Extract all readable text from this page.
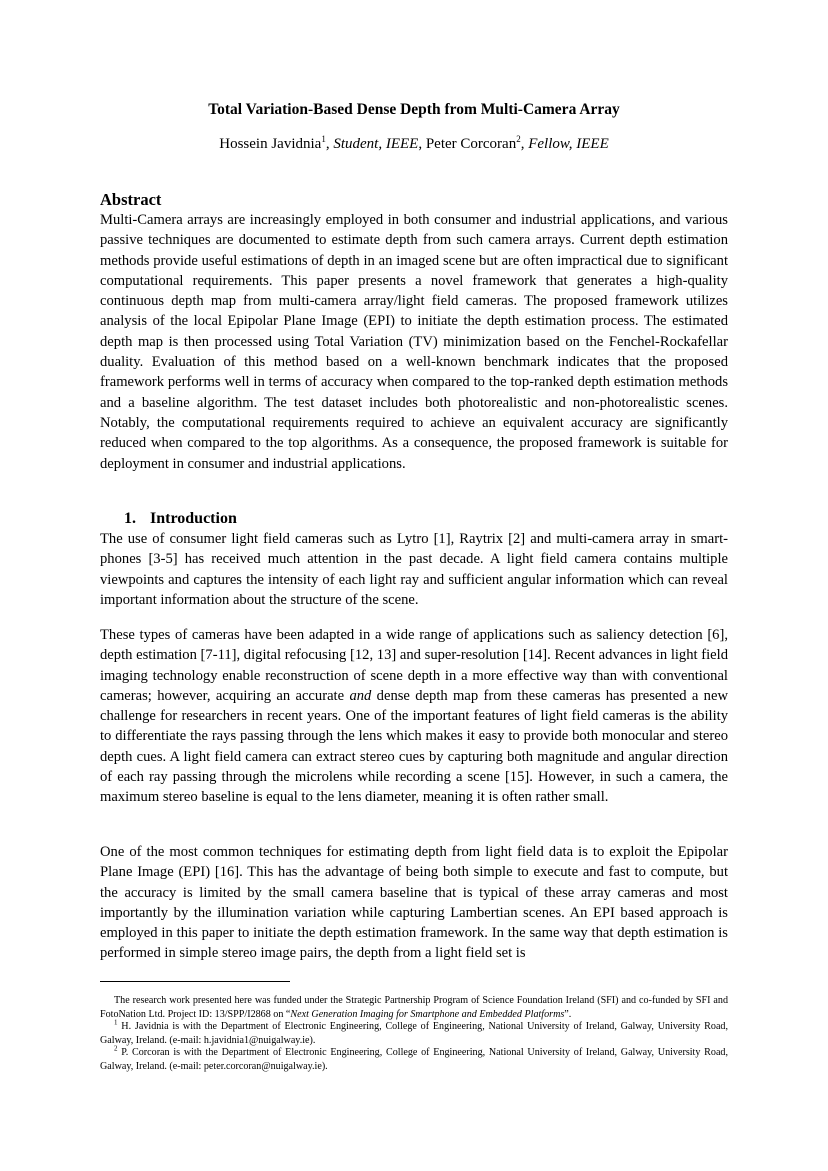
Total Variation-Based Dense Depth from Multi-Camera Array
Hossein Javidnia$^1$, Student, IEEE, Peter Corcoran$^2$, Fellow, IEEE
Abstract

Multi-Camera arrays are increasingly employed in both consumer and industrial applications, and various passive techniques are documented to estimate depth from such camera arrays. Current depth estimation methods provide useful estimations of depth in an imaged scene but are often impractical due to significant computational requirements. This paper presents a novel framework that generates a high-quality continuous depth map from multi-camera array/light field cameras. The proposed framework utilizes analysis of the local Epipolar Plane Image (EPI) to initiate the depth estimation process. The estimated depth map is then processed using Total Variation (TV) minimization based on the Fenchel-Rockafellar duality. Evaluation of this method based on a well-known benchmark indicates that the proposed framework performs well in terms of accuracy when compared to the top-ranked depth estimation methods and a baseline algorithm. The test dataset includes both photorealistic and non-photorealistic scenes. Notably, the computational requirements required to achieve an equivalent accuracy are significantly reduced when compared to the top algorithms. As a consequence, the proposed framework is suitable for deployment in consumer and industrial applications.

1. Introduction

The use of consumer light field cameras such as Lytro [1], Raytrix [2] and multi-camera array in smart-phones [3-5] has received much attention in the past decade. A light field camera contains multiple viewpoints and captures the intensity of each light ray and sufficient angular information which can reveal important information about the structure of the scene.

These types of cameras have been adapted in a wide range of applications such as saliency detection [6], depth estimation [7-11], digital refocusing [12, 13] and super-resolution [14]. Recent advances in light field imaging technology enable reconstruction of scene depth in a more effective way than with conventional cameras; however, acquiring an accurate and dense depth map from these cameras has presented a new challenge for researchers in recent years. One of the important features of light field cameras is the ability to differentiate the rays passing through the lens which makes it easy to provide both monocular and stereo depth cues. A light field camera can extract stereo cues by capturing both magnitude and angular direction of each ray passing through the microlens while recording a scene [15]. However, in such a camera, the maximum stereo baseline is equal to the lens diameter, meaning it is often rather small.

One of the most common techniques for estimating depth from light field data is to exploit the Epipolar Plane Image (EPI) [16]. This has the advantage of being both simple to execute and fast to compute, but the accuracy is limited by the small camera baseline that is typical of these array cameras and most importantly by the illumination variation while capturing Lambertian scenes. An EPI based approach is employed in this paper to initiate the depth estimation framework. In the same way that depth estimation is performed in simple stereo image pairs, the depth from a light field set is

The research work presented here was funded under the Strategic Partnership Program of Science Foundation Ireland (SFI) and co-funded by SFI and FotoNation Ltd. Project ID: 13/SPP/I2868 on “Next Generation Imaging for Smartphone and Embedded Platforms”.

$^1$ H. Javidnia is with the Department of Electronic Engineering, College of Engineering, National University of Ireland, Galway, University Road, Galway, Ireland. (e-mail: h.javidnia1@nuigalway.ie).

$^2$ P. Corcoran is with the Department of Electronic Engineering, College of Engineering, National University of Ireland, Galway, University Road, Galway, Ireland. (e-mail: peter.corcoran@nuigalway.ie).
